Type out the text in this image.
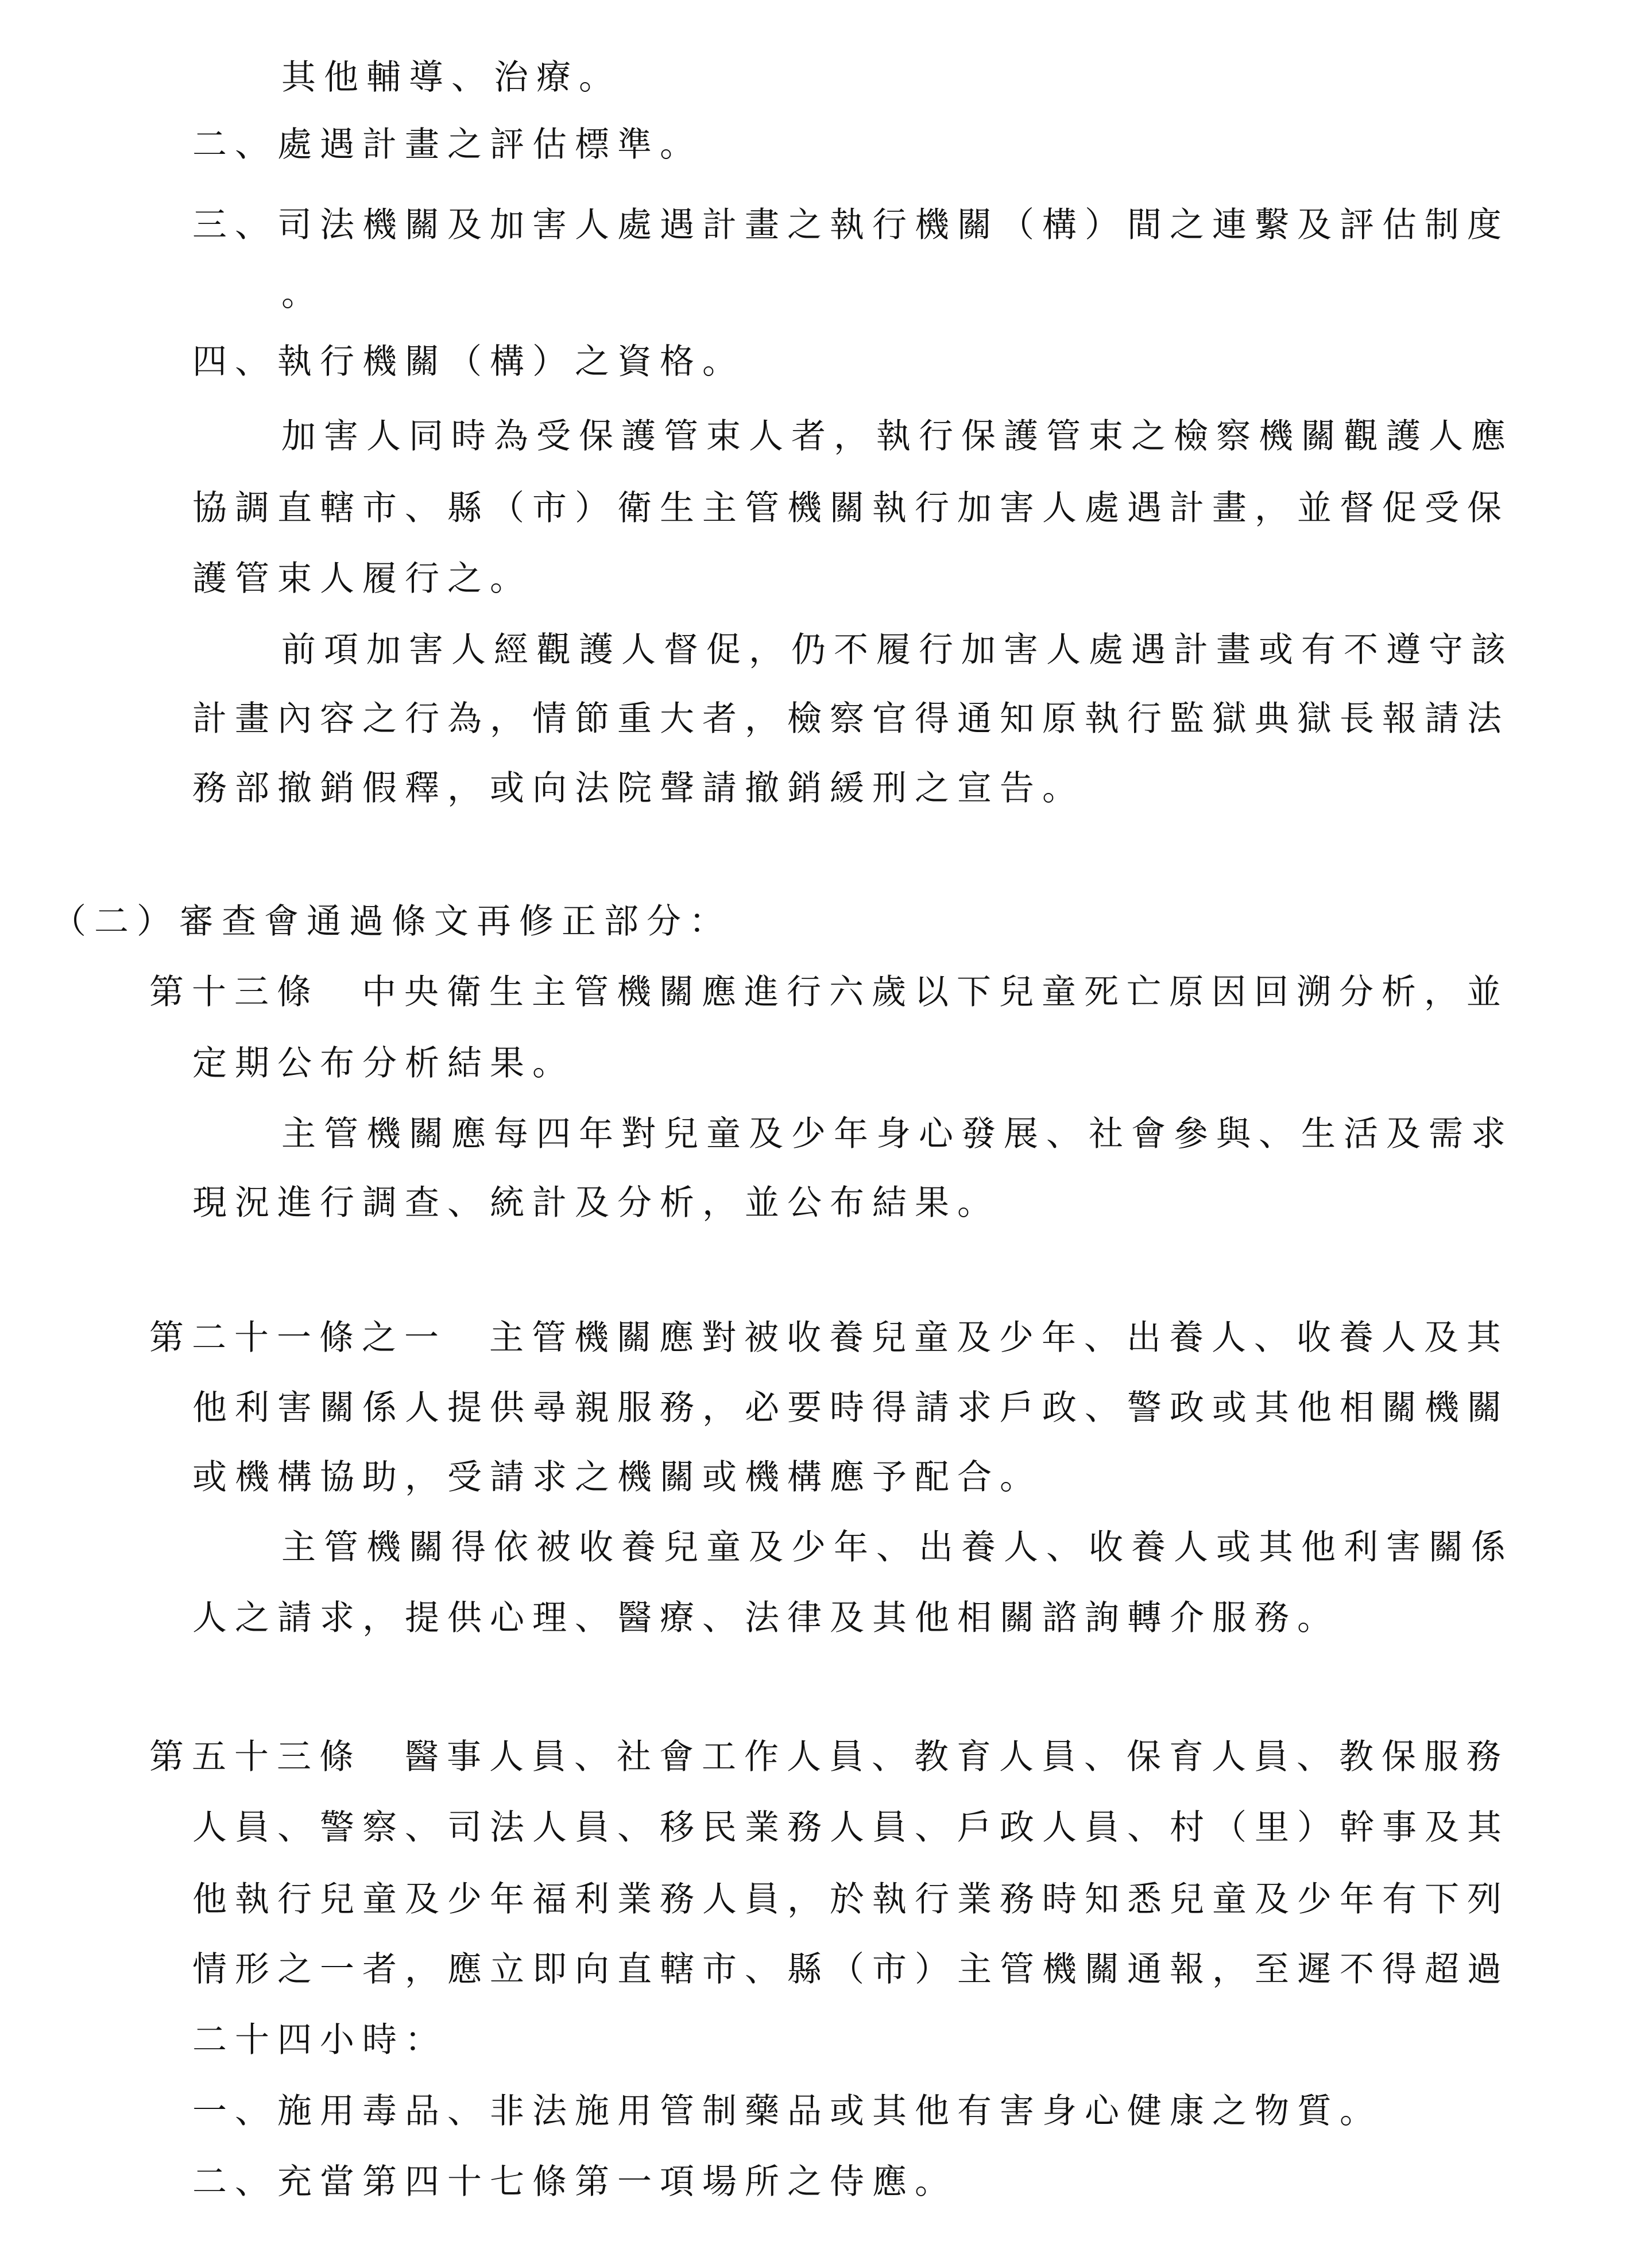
其他輔導、治療。

二、處遇計畫之評估標準。

三、司法機關及加害人處遇計畫之執行機關（構）間之連繫及評估制度

。

四、執行機關（構）之資格。

加害人同時為受保護管束人者，執行保護管束之檢察機關觀護人應

協調直轄市、縣（市）衛生主管機關執行加害人處遇計畫，並督促受保

護管束人履行之。

前項加害人經觀護人督促，仍不履行加害人處遇計畫或有不遵守該

計畫內容之行為，情節重大者，檢察官得通知原執行監獄典獄長報請法

務部撤銷假釋，或向法院聲請撤銷緩刑之宣告。

（二）審查會通過條文再修正部分：

第十三條　中央衛生主管機關應進行六歲以下兒童死亡原因回溯分析，並

定期公布分析結果。

主管機關應每四年對兒童及少年身心發展、社會參與、生活及需求

現況進行調查、統計及分析，並公布結果。

第二十一條之一　主管機關應對被收養兒童及少年、出養人、收養人及其

他利害關係人提供尋親服務，必要時得請求戶政、警政或其他相關機關

或機構協助，受請求之機關或機構應予配合。

主管機關得依被收養兒童及少年、出養人、收養人或其他利害關係

人之請求，提供心理、醫療、法律及其他相關諮詢轉介服務。

第五十三條　醫事人員、社會工作人員、教育人員、保育人員、教保服務

人員、警察、司法人員、移民業務人員、戶政人員、村（里）幹事及其

他執行兒童及少年福利業務人員，於執行業務時知悉兒童及少年有下列

情形之一者，應立即向直轄市、縣（市）主管機關通報，至遲不得超過

二十四小時：

一、施用毒品、非法施用管制藥品或其他有害身心健康之物質。

二、充當第四十七條第一項場所之侍應。
